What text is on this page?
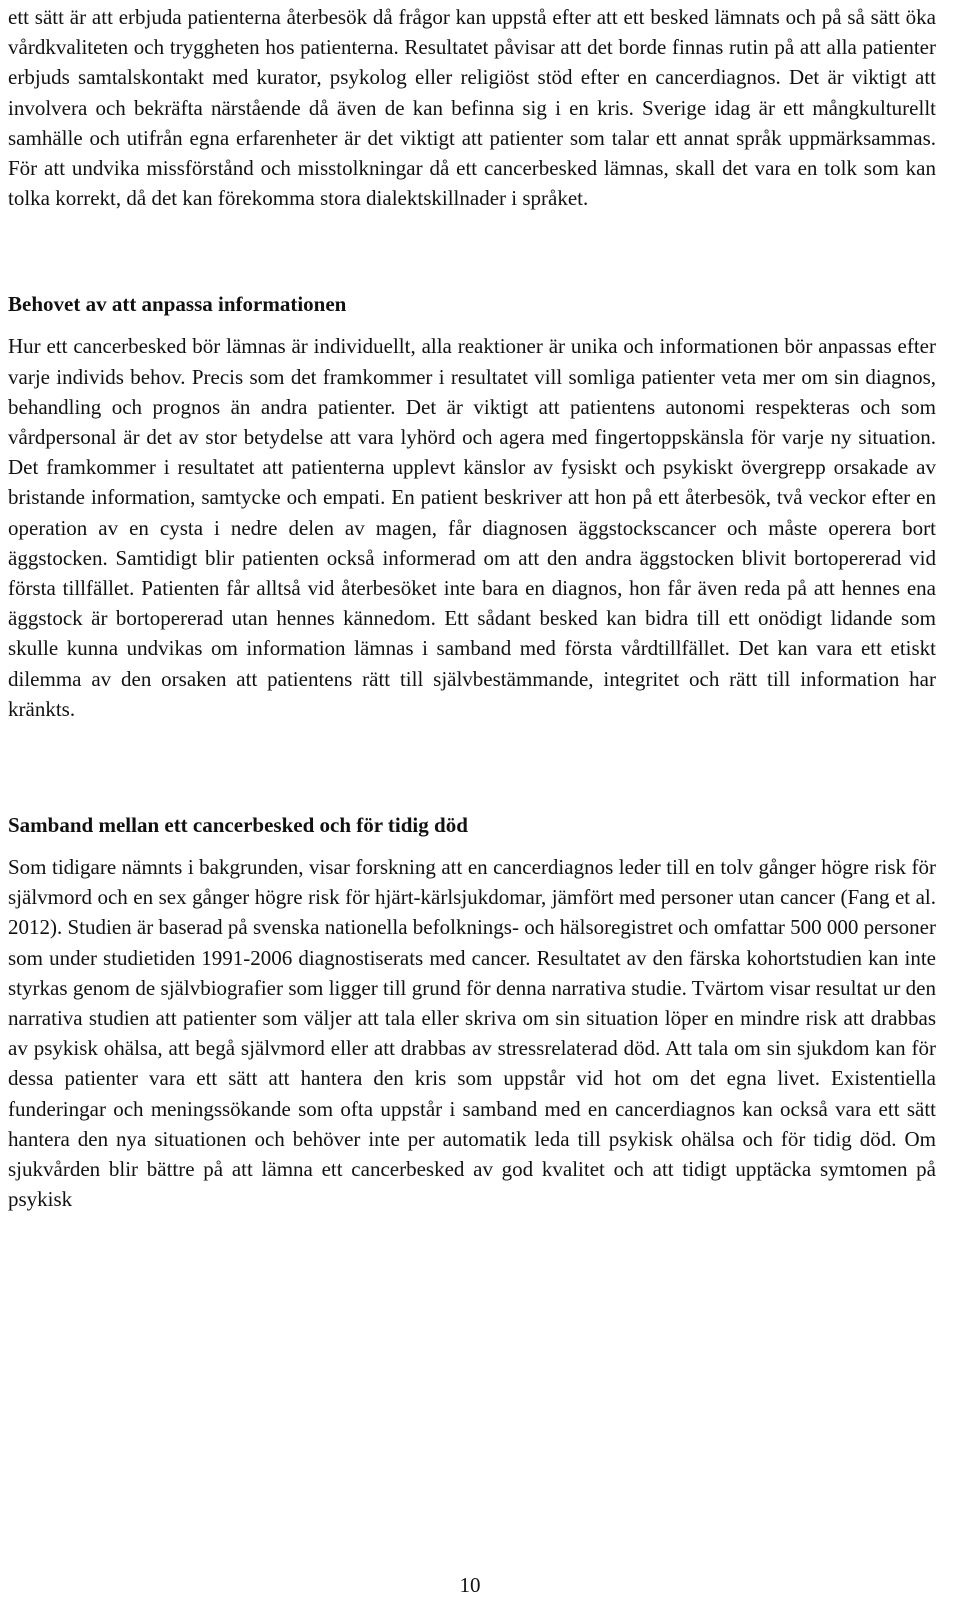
ett sätt är att erbjuda patienterna återbesök då frågor kan uppstå efter att ett besked lämnats och på så sätt öka vårdkvaliteten och tryggheten hos patienterna. Resultatet påvisar att det borde finnas rutin på att alla patienter erbjuds samtalskontakt med kurator, psykolog eller religiöst stöd efter en cancerdiagnos. Det är viktigt att involvera och bekräfta närstående då även de kan befinna sig i en kris. Sverige idag är ett mångkulturellt samhälle och utifrån egna erfarenheter är det viktigt att patienter som talar ett annat språk uppmärksammas. För att undvika missförstånd och misstolkningar då ett cancerbesked lämnas, skall det vara en tolk som kan tolka korrekt, då det kan förekomma stora dialektskillnader i språket.

Behovet av att anpassa informationen

Hur ett cancerbesked bör lämnas är individuellt, alla reaktioner är unika och informationen bör anpassas efter varje individs behov. Precis som det framkommer i resultatet vill somliga patienter veta mer om sin diagnos, behandling och prognos än andra patienter. Det är viktigt att patientens autonomi respekteras och som vårdpersonal är det av stor betydelse att vara lyhörd och agera med fingertoppskänsla för varje ny situation. Det framkommer i resultatet att patienterna upplevt känslor av fysiskt och psykiskt övergrepp orsakade av bristande information, samtycke och empati. En patient beskriver att hon på ett återbesök, två veckor efter en operation av en cysta i nedre delen av magen, får diagnosen äggstockscancer och måste operera bort äggstocken. Samtidigt blir patienten också informerad om att den andra äggstocken blivit bortopererad vid första tillfället. Patienten får alltså vid återbesöket inte bara en diagnos, hon får även reda på att hennes ena äggstock är bortopererad utan hennes kännedom. Ett sådant besked kan bidra till ett onödigt lidande som skulle kunna undvikas om information lämnas i samband med första vårdtillfället. Det kan vara ett etiskt dilemma av den orsaken att patientens rätt till självbestämmande, integritet och rätt till information har kränkts.

Samband mellan ett cancerbesked och för tidig död

Som tidigare nämnts i bakgrunden, visar forskning att en cancerdiagnos leder till en tolv gånger högre risk för självmord och en sex gånger högre risk för hjärt-kärlsjukdomar, jämfört med personer utan cancer (Fang et al. 2012). Studien är baserad på svenska nationella befolknings- och hälsoregistret och omfattar 500 000 personer som under studietiden 1991-2006 diagnostiserats med cancer. Resultatet av den färska kohortstudien kan inte styrkas genom de självbiografier som ligger till grund för denna narrativa studie. Tvärtom visar resultat ur den narrativa studien att patienter som väljer att tala eller skriva om sin situation löper en mindre risk att drabbas av psykisk ohälsa, att begå självmord eller att drabbas av stressrelaterad död. Att tala om sin sjukdom kan för dessa patienter vara ett sätt att hantera den kris som uppstår vid hot om det egna livet. Existentiella funderingar och meningssökande som ofta uppstår i samband med en cancerdiagnos kan också vara ett sätt hantera den nya situationen och behöver inte per automatik leda till psykisk ohälsa och för tidig död. Om sjukvården blir bättre på att lämna ett cancerbesked av god kvalitet och att tidigt upptäcka symtomen på psykisk

10
